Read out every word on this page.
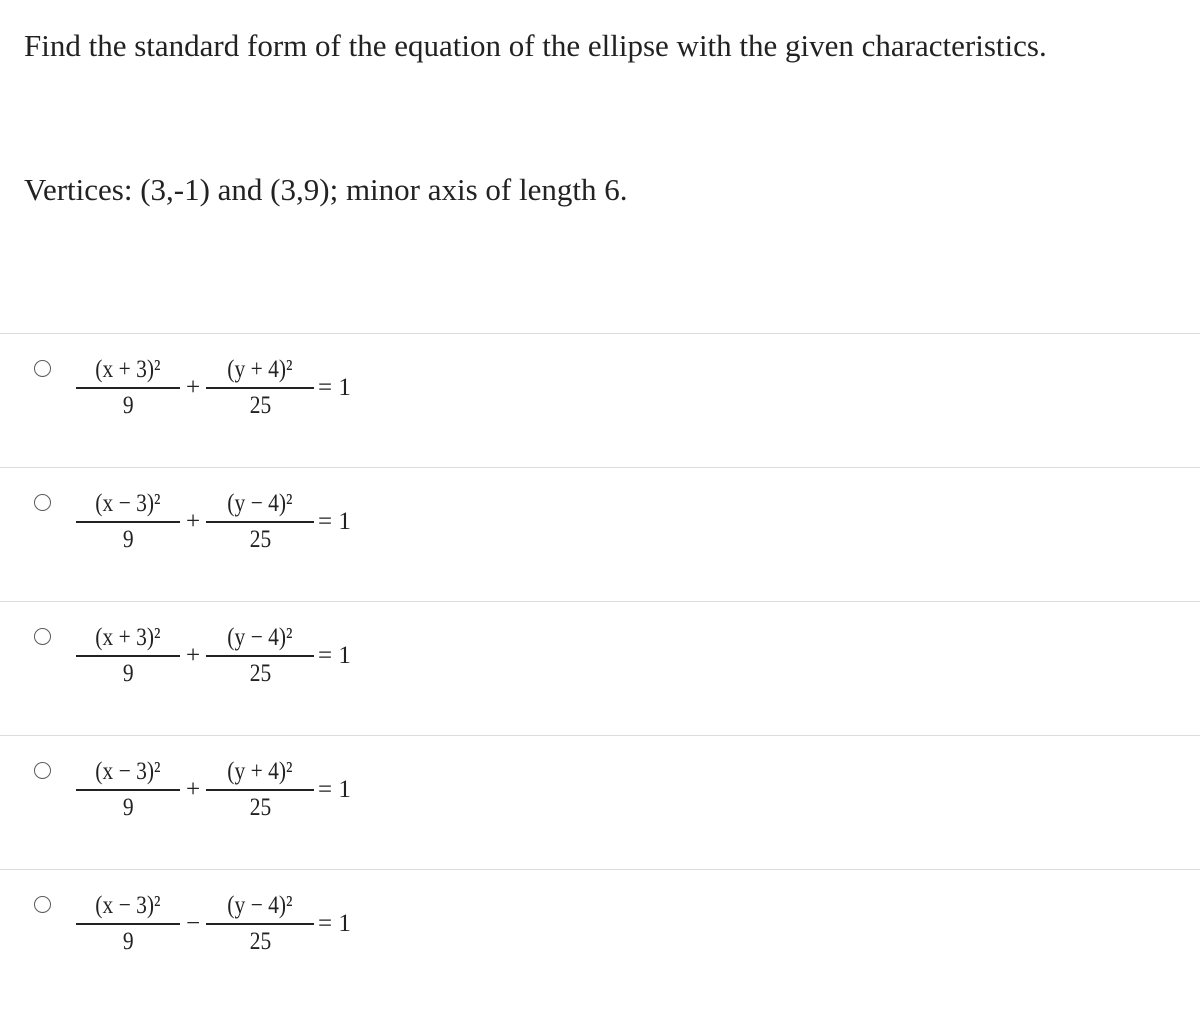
Find the standard form of the equation of the ellipse with the given characteristics.
Vertices: (3,-1) and (3,9); minor axis of length 6.
$\frac{\text{(x + 3)²}}{9} + \frac{\text{(y + 4)²}}{25} = 1$
$\frac{\text{(x − 3)²}}{9} + \frac{\text{(y − 4)²}}{25} = 1$
$\frac{\text{(x + 3)²}}{9} + \frac{\text{(y − 4)²}}{25} = 1$
$\frac{\text{(x − 3)²}}{9} + \frac{\text{(y + 4)²}}{25} = 1$
$\frac{\text{(x − 3)²}}{9} - \frac{\text{(y − 4)²}}{25} = 1$
